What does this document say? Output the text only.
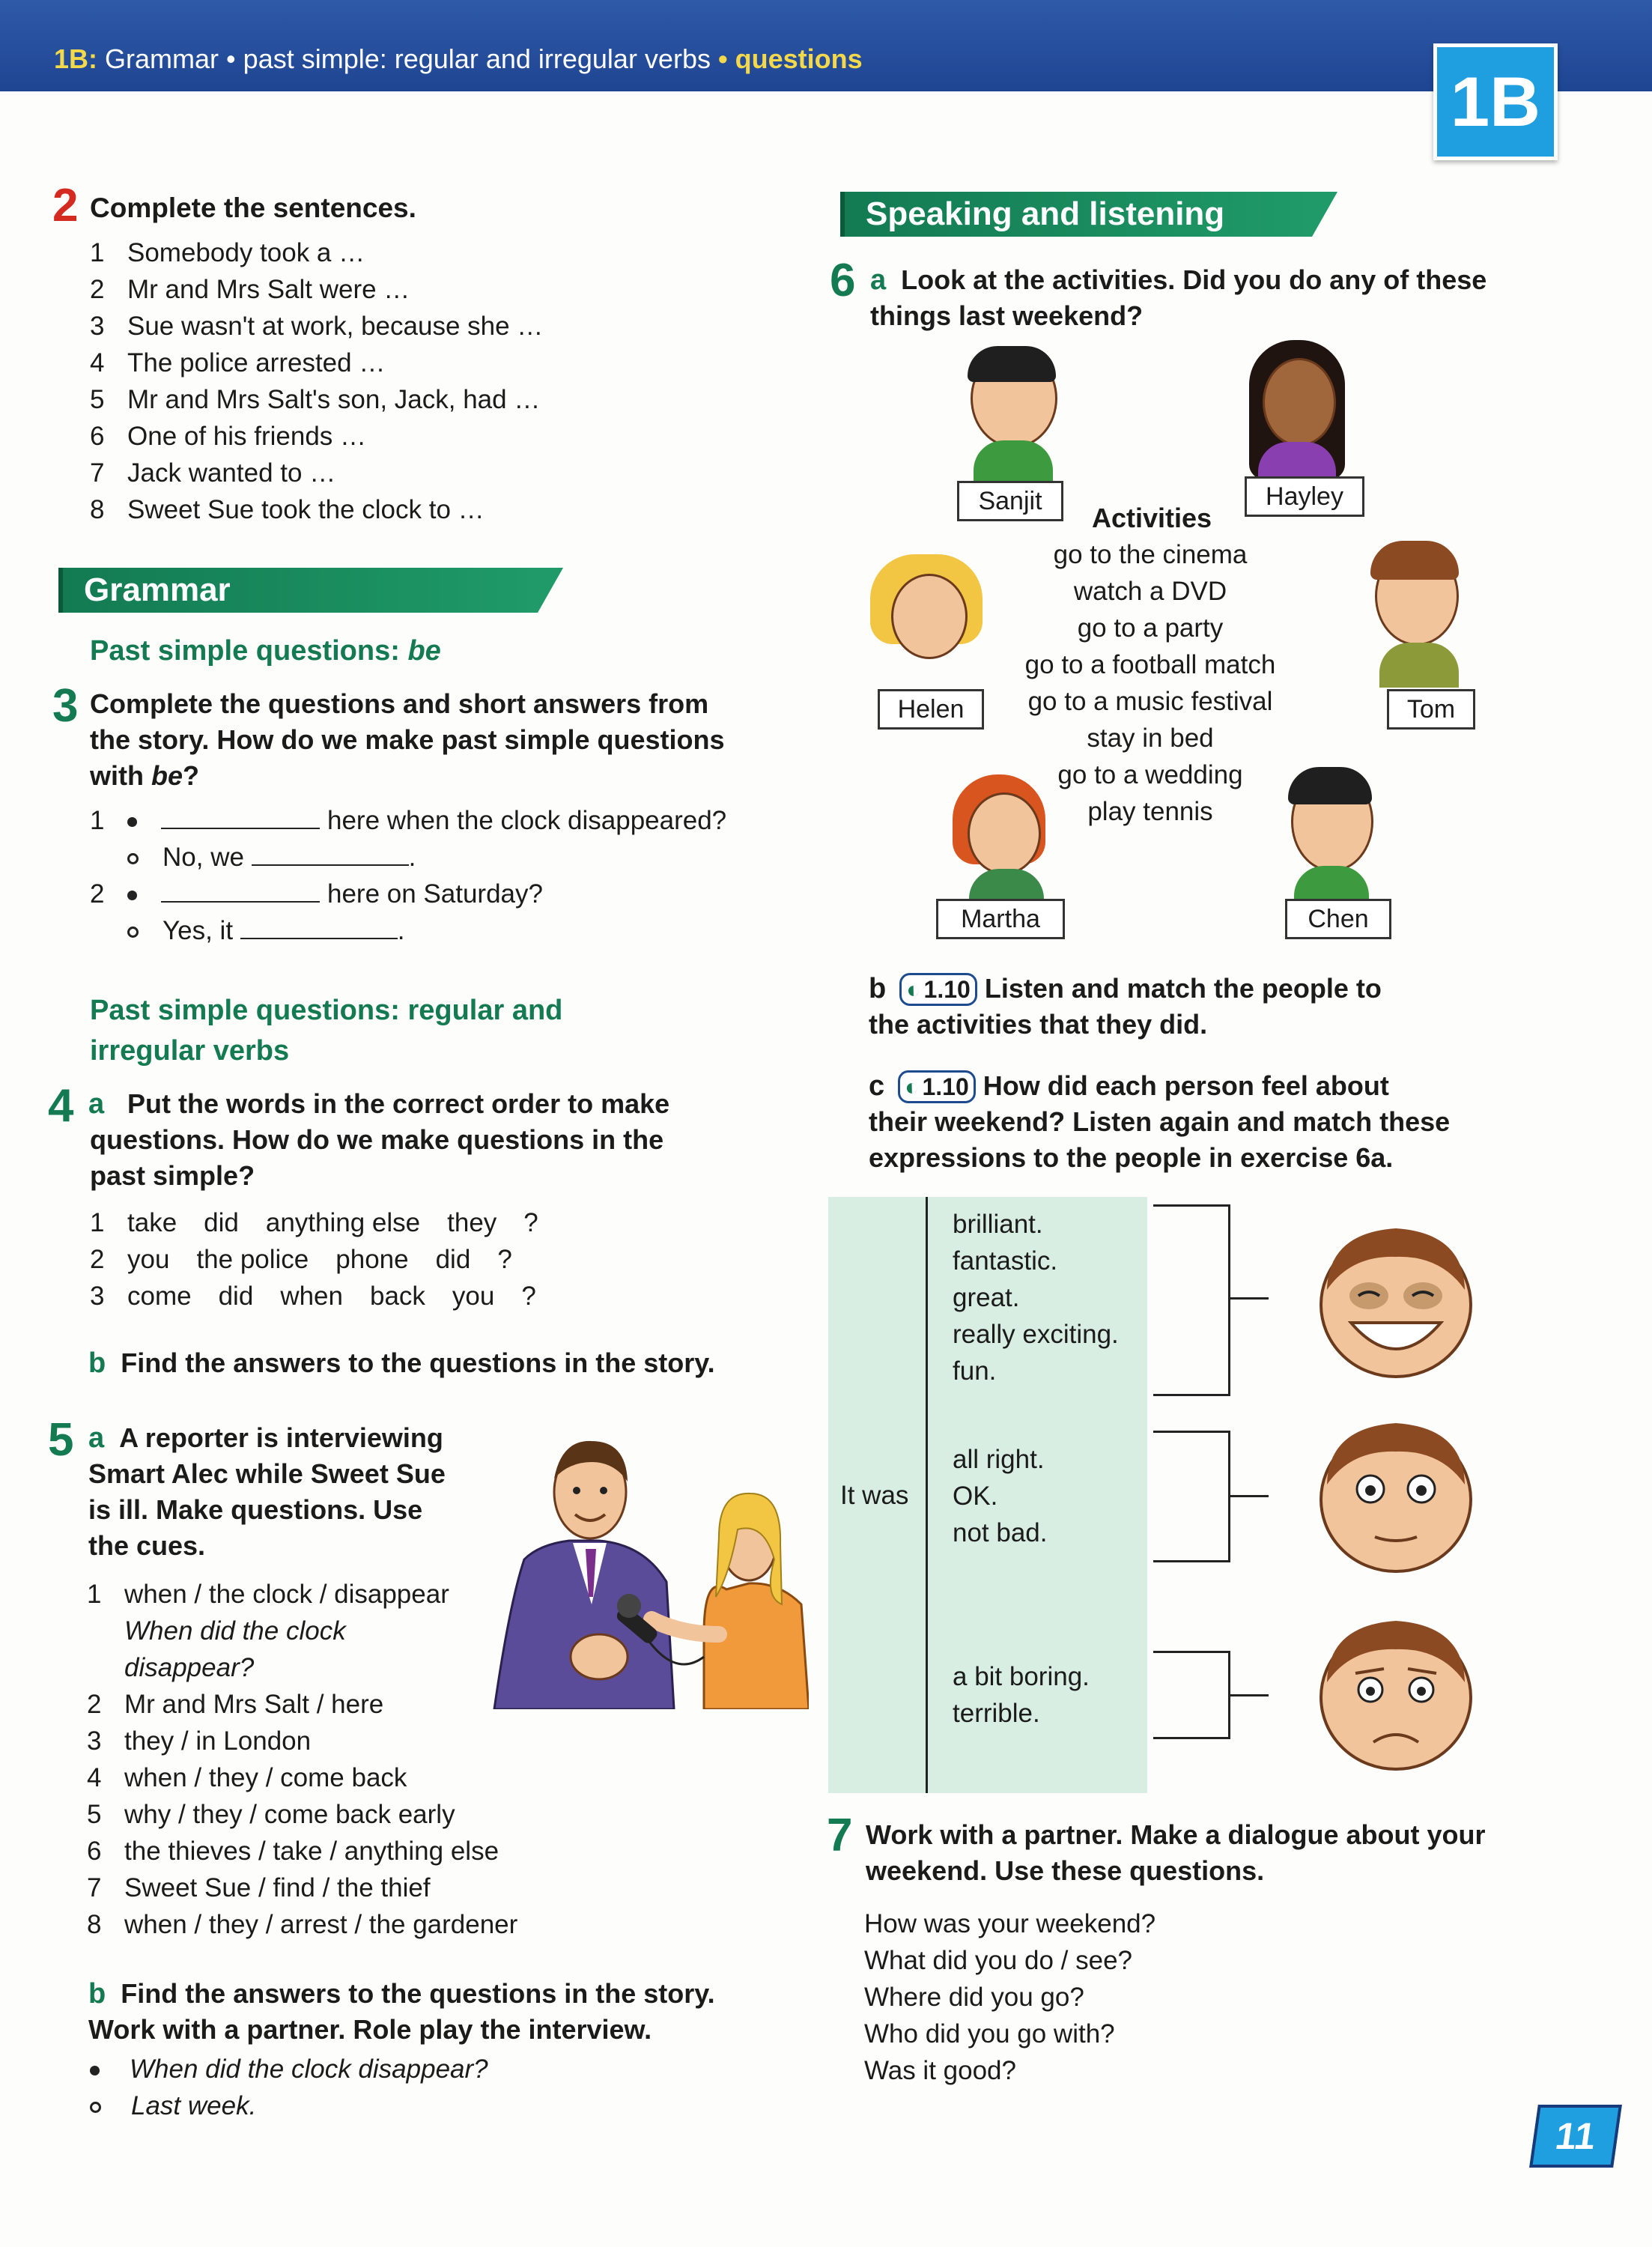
1B: Grammar • past simple: regular and irregular verbs • questions
1B
2 Complete the sentences.
1 Somebody took a …
2 Mr and Mrs Salt were …
3 Sue wasn't at work, because she …
4 The police arrested …
5 Mr and Mrs Salt's son, Jack, had …
6 One of his friends …
7 Jack wanted to …
8 Sweet Sue took the clock to …
Grammar
Past simple questions: be
3 Complete the questions and short answers from
the story. How do we make past simple questions
with be?
1	here when the clock disappeared?
No, we	.
2	here on Saturday?
Yes, it	.
Past simple questions: regular and
irregular verbs
4 a Put the words in the correct order to make
questions. How do we make questions in the
past simple?
1 take did anything else they ?
2 you the police phone did ?
3 come did when back you ?
b Find the answers to the questions in the story.
5 a A reporter is interviewing
Smart Alec while Sweet Sue
is ill. Make questions. Use
the cues.
1 when / the clock / disappear
When did the clock
disappear?
2 Mr and Mrs Salt / here
3 they / in London
4 when / they / come back
5 why / they / come back early
6 the thieves / take / anything else
7 Sweet Sue / find / the thief
8 when / they / arrest / the gardener
b Find the answers to the questions in the story.
Work with a partner. Role play the interview.
When did the clock disappear?
Last week.
Speaking and listening
6 a Look at the activities. Did you do any of these
things last weekend?
Sanjit	Hayley
Helen	Tom
Martha	Chen
Activities
go to the cinema
watch a DVD
go to a party
go to a football match
go to a music festival
stay in bed
go to a wedding
play tennis
b ◐ 1.10 Listen and match the people to
the activities that they did.
c ◐ 1.10 How did each person feel about
their weekend? Listen again and match these
expressions to the people in exercise 6a.
It was
brilliant.
fantastic.
great.
really exciting.
fun.
all right.
OK.
not bad.
a bit boring.
terrible.
7 Work with a partner. Make a dialogue about your
weekend. Use these questions.
How was your weekend?
What did you do / see?
Where did you go?
Who did you go with?
Was it good?
11
